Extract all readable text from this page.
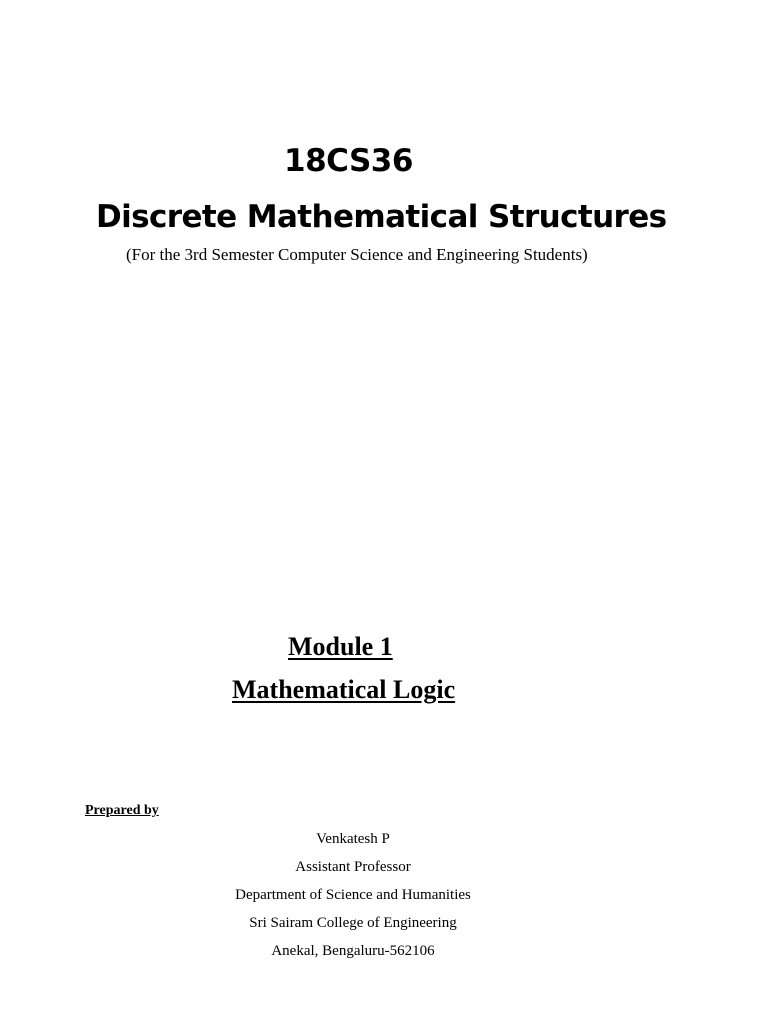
18CS36
Discrete Mathematical Structures
(For the 3rd Semester Computer Science and Engineering Students)
Module 1
Mathematical Logic
Prepared by
Venkatesh P
Assistant Professor
Department of Science and Humanities
Sri Sairam College of Engineering
Anekal, Bengaluru-562106
